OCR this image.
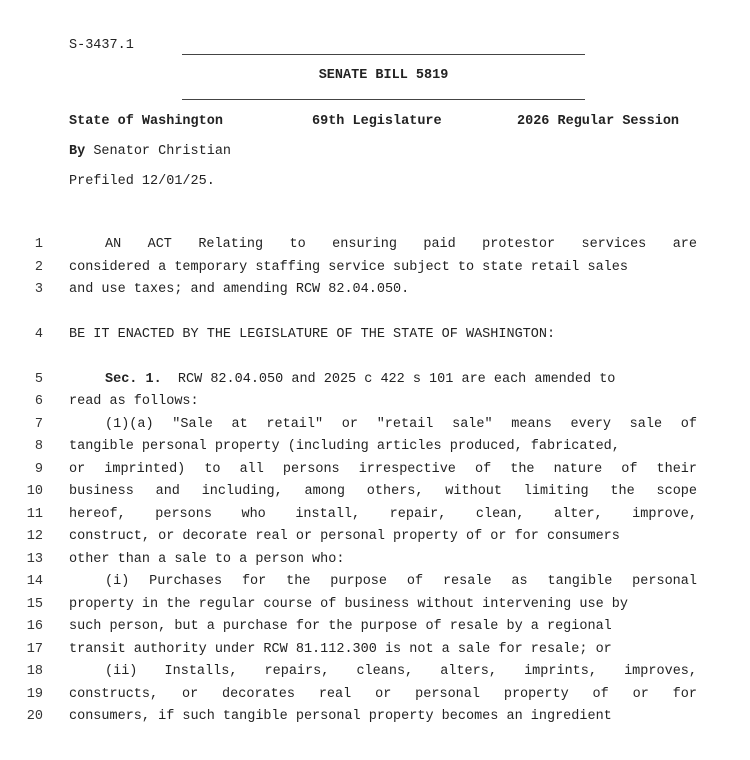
S-3437.1
SENATE BILL 5819
State of Washington	69th Legislature	2026 Regular Session
By Senator Christian
Prefiled 12/01/25.
1	AN ACT Relating to ensuring paid protestor services are
2 considered a temporary staffing service subject to state retail sales
3 and use taxes; and amending RCW 82.04.050.
4 BE IT ENACTED BY THE LEGISLATURE OF THE STATE OF WASHINGTON:
5	Sec. 1.  RCW 82.04.050 and 2025 c 422 s 101 are each amended to
6 read as follows:
7	(1)(a) "Sale at retail" or "retail sale" means every sale of
8 tangible personal property (including articles produced, fabricated,
9 or imprinted) to all persons irrespective of the nature of their
10 business and including, among others, without limiting the scope
11 hereof, persons who install, repair, clean, alter, improve,
12 construct, or decorate real or personal property of or for consumers
13 other than a sale to a person who:
14	(i) Purchases for the purpose of resale as tangible personal
15 property in the regular course of business without intervening use by
16 such person, but a purchase for the purpose of resale by a regional
17 transit authority under RCW 81.112.300 is not a sale for resale; or
18	(ii) Installs, repairs, cleans, alters, imprints, improves,
19 constructs, or decorates real or personal property of or for
20 consumers, if such tangible personal property becomes an ingredient
